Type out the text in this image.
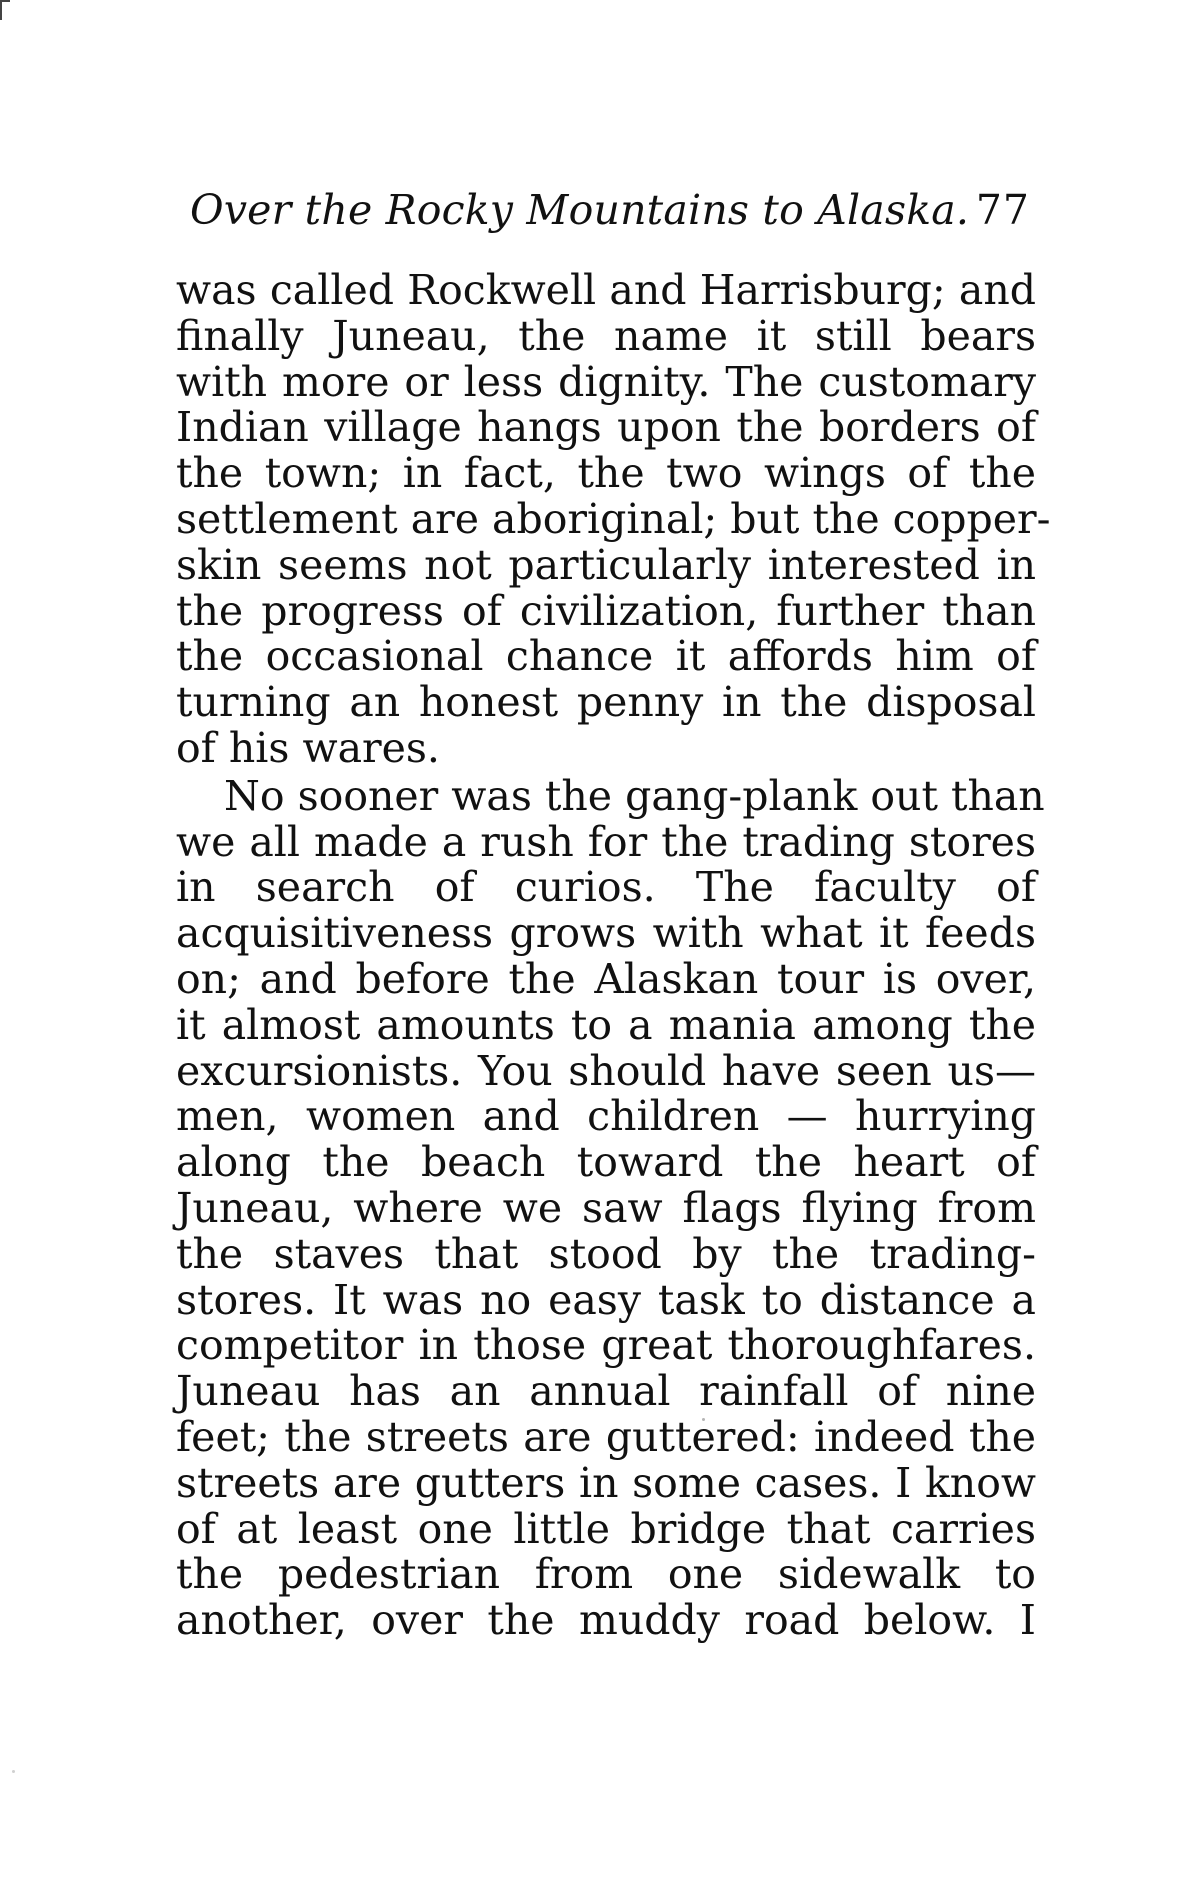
Over the Rocky Mountains to Alaska. 77
was called Rockwell and Harrisburg; and
finally Juneau, the name it still bears
with more or less dignity. The customary
Indian village hangs upon the borders of
the town; in fact, the two wings of the
settlement are aboriginal; but the copper-
skin seems not particularly interested in
the progress of civilization, further than
the occasional chance it affords him of
turning an honest penny in the disposal
of his wares.
No sooner was the gang-plank out than
we all made a rush for the trading stores
in search of curios. The faculty of
acquisitiveness grows with what it feeds
on; and before the Alaskan tour is over,
it almost amounts to a mania among the
excursionists. You should have seen us—
men, women and children — hurrying
along the beach toward the heart of
Juneau, where we saw flags flying from
the staves that stood by the trading-
stores. It was no easy task to distance a
competitor in those great thoroughfares.
Juneau has an annual rainfall of nine
feet; the streets are guttered: indeed the
streets are gutters in some cases. I know
of at least one little bridge that carries
the pedestrian from one sidewalk to
another, over the muddy road below. I
